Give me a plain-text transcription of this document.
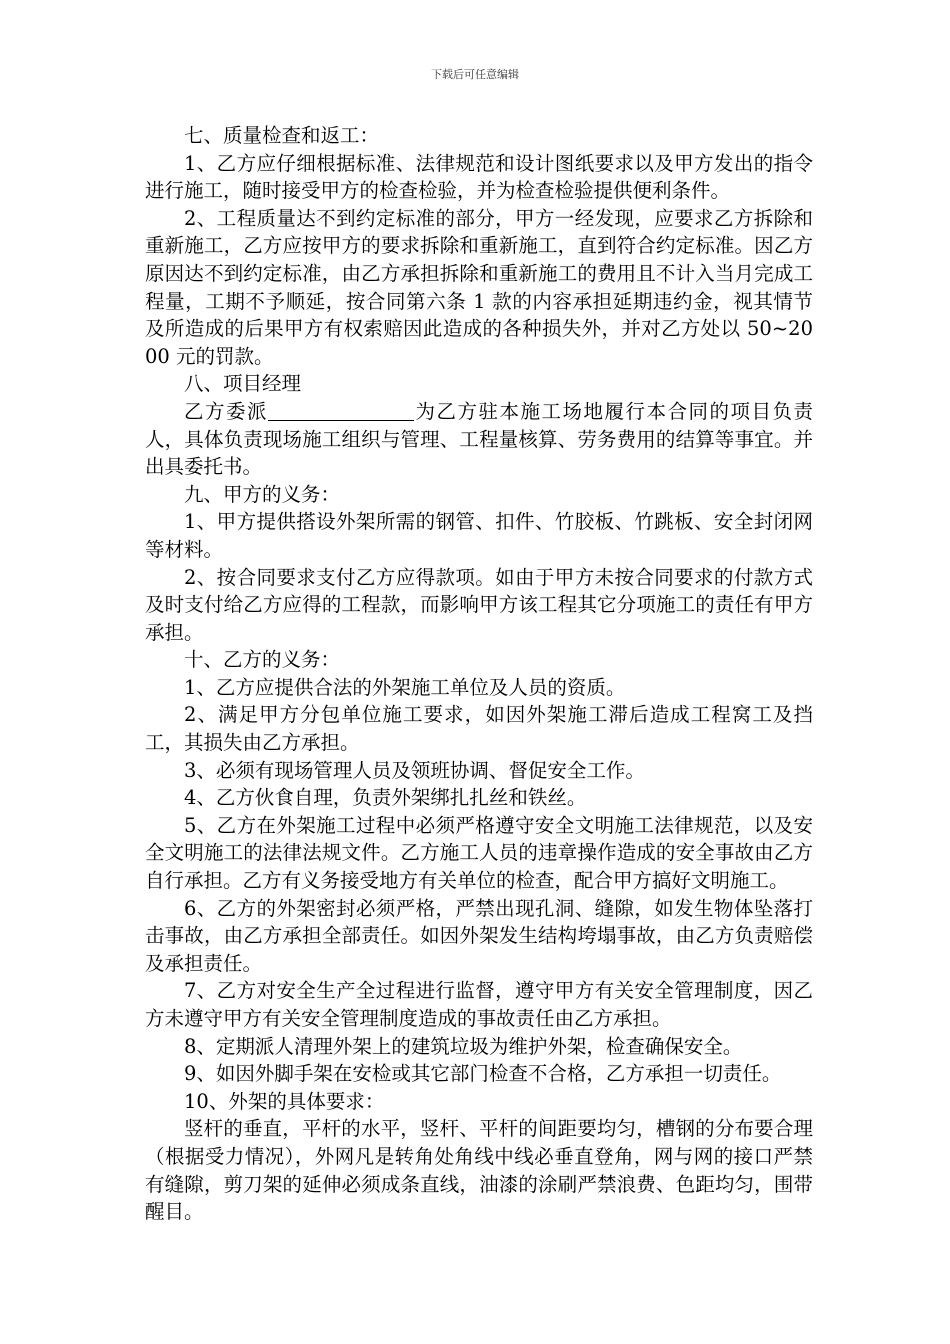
下载后可任意编辑

七、质量检查和返工：

1、乙方应仔细根据标准、法律规范和设计图纸要求以及甲方发出的指令进行施工，随时接受甲方的检查检验，并为检查检验提供便利条件。

2、工程质量达不到约定标准的部分，甲方一经发现，应要求乙方拆除和重新施工，乙方应按甲方的要求拆除和重新施工，直到符合约定标准。因乙方原因达不到约定标准，由乙方承担拆除和重新施工的费用且不计入当月完成工程量，工期不予顺延，按合同第六条 1 款的内容承担延期违约金，视其情节及所造成的后果甲方有权索赔因此造成的各种损失外，并对乙方处以 50~2000 元的罚款。

八、项目经理

乙方委派	为乙方驻本施工场地履行本合同的项目负责人，具体负责现场施工组织与管理、工程量核算、劳务费用的结算等事宜。并出具委托书。

九、甲方的义务：

1、甲方提供搭设外架所需的钢管、扣件、竹胶板、竹跳板、安全封闭网等材料。

2、按合同要求支付乙方应得款项。如由于甲方未按合同要求的付款方式及时支付给乙方应得的工程款，而影响甲方该工程其它分项施工的责任有甲方承担。

十、乙方的义务：

1、乙方应提供合法的外架施工单位及人员的资质。

2、满足甲方分包单位施工要求，如因外架施工滞后造成工程窝工及挡工，其损失由乙方承担。

3、必须有现场管理人员及领班协调、督促安全工作。

4、乙方伙食自理，负责外架绑扎扎丝和铁丝。

5、乙方在外架施工过程中必须严格遵守安全文明施工法律规范，以及安全文明施工的法律法规文件。乙方施工人员的违章操作造成的安全事故由乙方自行承担。乙方有义务接受地方有关单位的检查，配合甲方搞好文明施工。

6、乙方的外架密封必须严格，严禁出现孔洞、缝隙，如发生物体坠落打击事故，由乙方承担全部责任。如因外架发生结构垮塌事故，由乙方负责赔偿及承担责任。

7、乙方对安全生产全过程进行监督，遵守甲方有关安全管理制度，因乙方未遵守甲方有关安全管理制度造成的事故责任由乙方承担。

8、定期派人清理外架上的建筑垃圾为维护外架，检查确保安全。

9、如因外脚手架在安检或其它部门检查不合格，乙方承担一切责任。

10、外架的具体要求：

竖杆的垂直，平杆的水平，竖杆、平杆的间距要均匀，槽钢的分布要合理（根据受力情况），外网凡是转角处角线中线必垂直登角，网与网的接口严禁有缝隙，剪刀架的延伸必须成条直线，油漆的涂刷严禁浪费、色距均匀，围带醒目。
